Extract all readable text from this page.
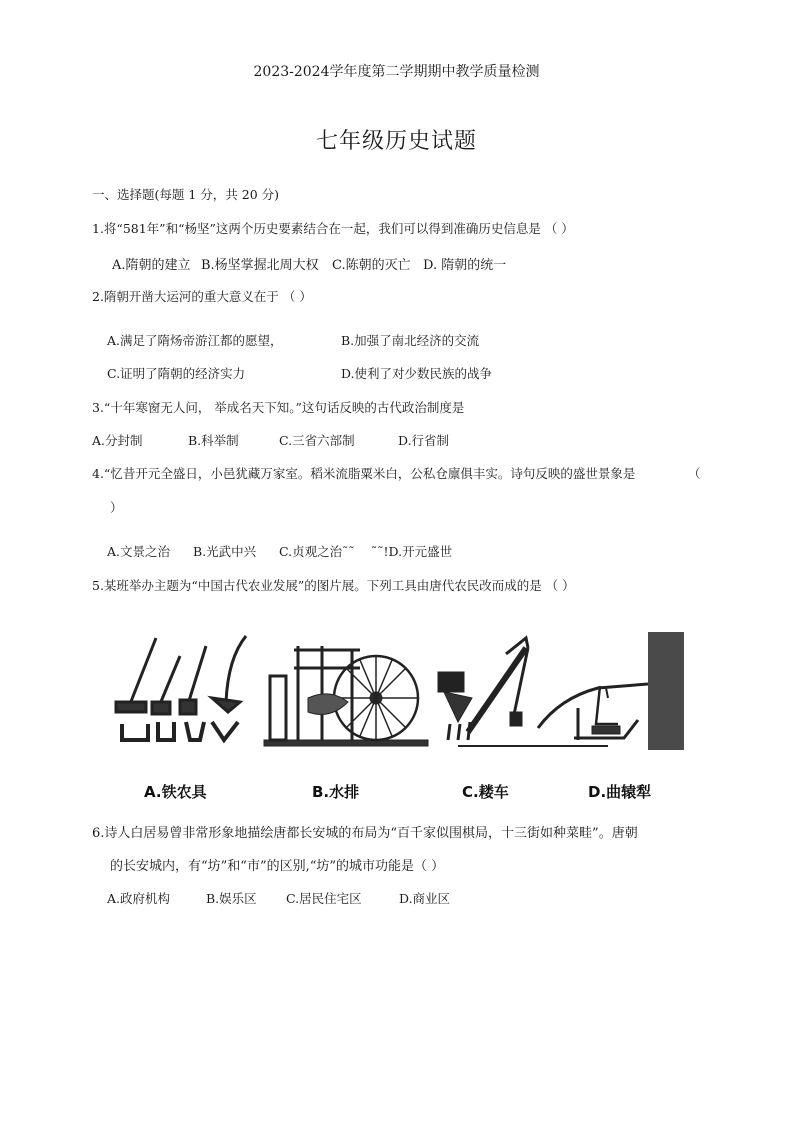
2023-2024学年度第二学期期中教学质量检测
七年级历史试题
一、选择题(每题 1 分，共 20 分)
1.将“581年”和“杨坚”这两个历史要素结合在一起，我们可以得到准确历史信息是 （ ）
A.隋朝的建立 B.杨坚掌握北周大权 C.陈朝的灭亡 D. 隋朝的统一
2.隋朝开凿大运河的重大意义在于 （ ）
A.满足了隋炀帝游江都的愿望，	B.加强了南北经济的交流
C.证明了隋朝的经济实力	D.使利了对少数民族的战争
3.“十年寒窗无人问， 举成名天下知。”这句话反映的古代政治制度是
A.分封制	B.科举制	C.三省六部制	D.行省制
4.“忆昔开元全盛日，小邑犹藏万家室。稻米流脂粟米白，公私仓廪俱丰实。诗句反映的盛世景象是	（
）
A.文景之治 B.光武中兴 C.贞观之治˜˜ ˜˜!D.开元盛世
5.某班举办主题为“中国古代农业发展”的图片展。下列工具由唐代农民改而成的是 （ ）
A.铁农具	B.水排	C.耧车	D.曲辕犁
6.诗人白居易曾非常形象地描绘唐都长安城的布局为“百千家似围棋局，十三街如种菜畦”。唐朝
的长安城内，有“坊”和“市”的区别,“坊”的城市功能是（ ）
A.政府机构	B.娱乐区 C.居民住宅区	D.商业区
